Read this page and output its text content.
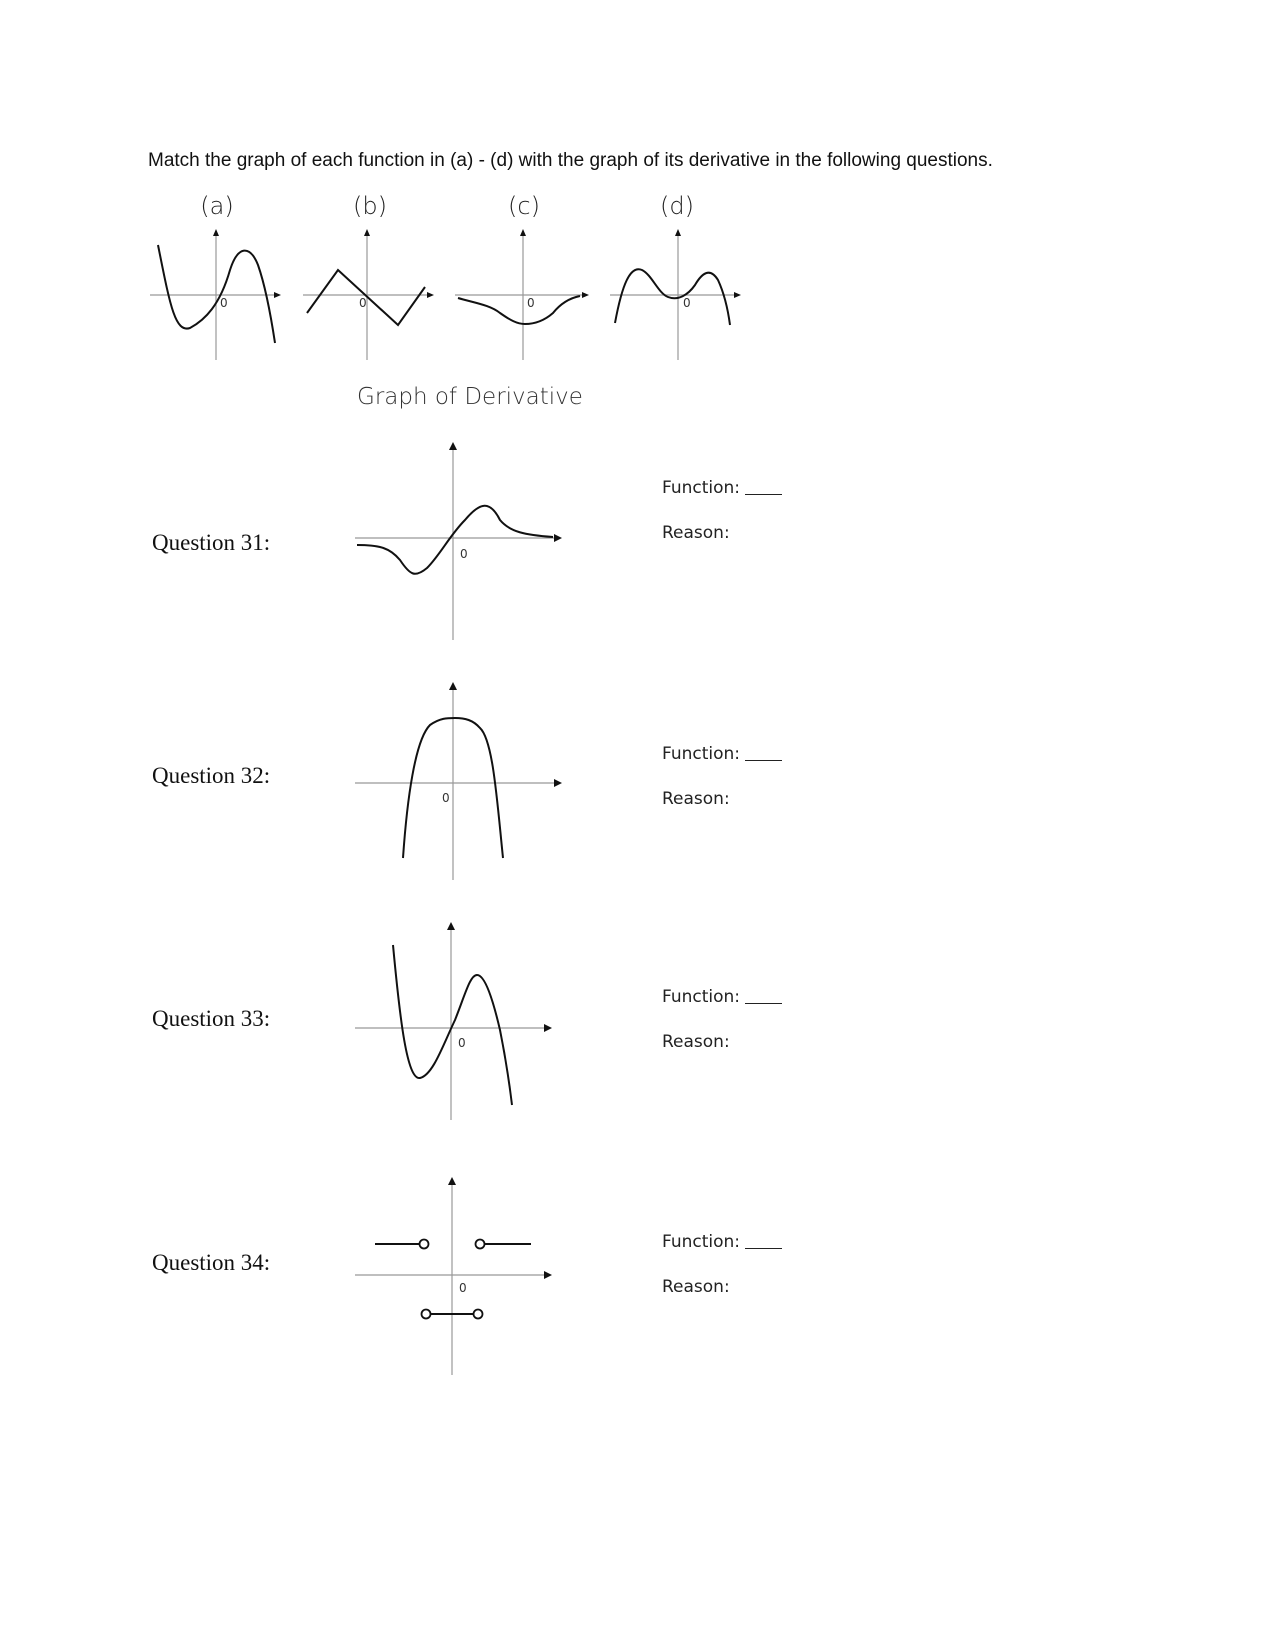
Match the graph of each function in (a) - (d) with the graph of its derivative in the following questions.
(a)	(b)	(c)	(d)
0	0	0	0
Graph of Derivative
Question 31:	0
Function:
Reason:
Question 32:
0
Function:
Reason:
Question 33:
0
Function:
Reason:
Question 34:
0
Function:
Reason:
